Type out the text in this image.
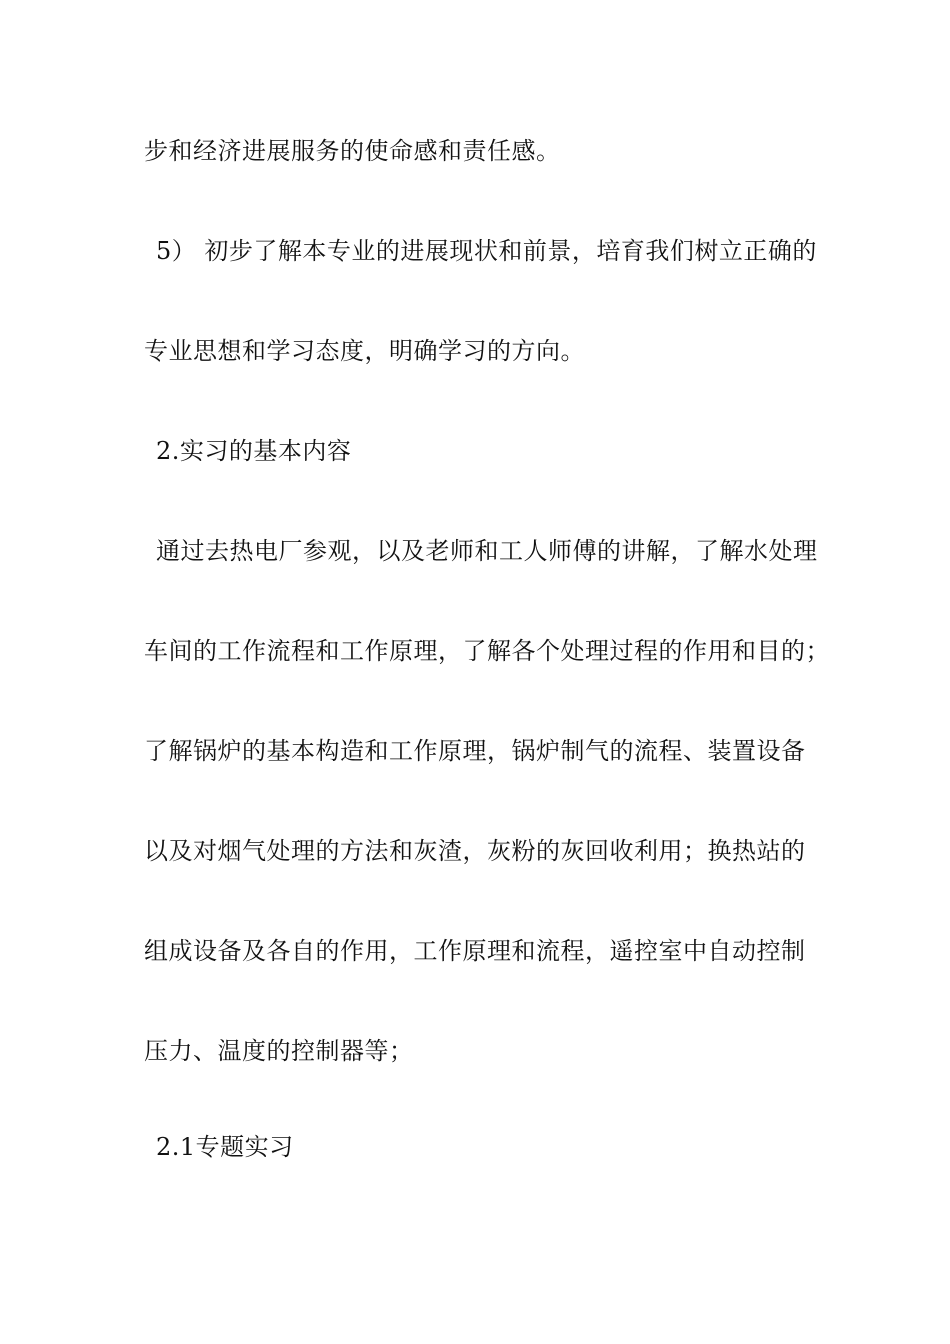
步和经济进展服务的使命感和责任感。
5） 初步了解本专业的进展现状和前景，培育我们树立正确的
专业思想和学习态度，明确学习的方向。
2.实习的基本内容
通过去热电厂参观，以及老师和工人师傅的讲解，了解水处理
车间的工作流程和工作原理，了解各个处理过程的作用和目的；
了解锅炉的基本构造和工作原理，锅炉制气的流程、装置设备
以及对烟气处理的方法和灰渣，灰粉的灰回收利用；换热站的
组成设备及各自的作用，工作原理和流程，遥控室中自动控制
压力、温度的控制器等；
2.1专题实习
